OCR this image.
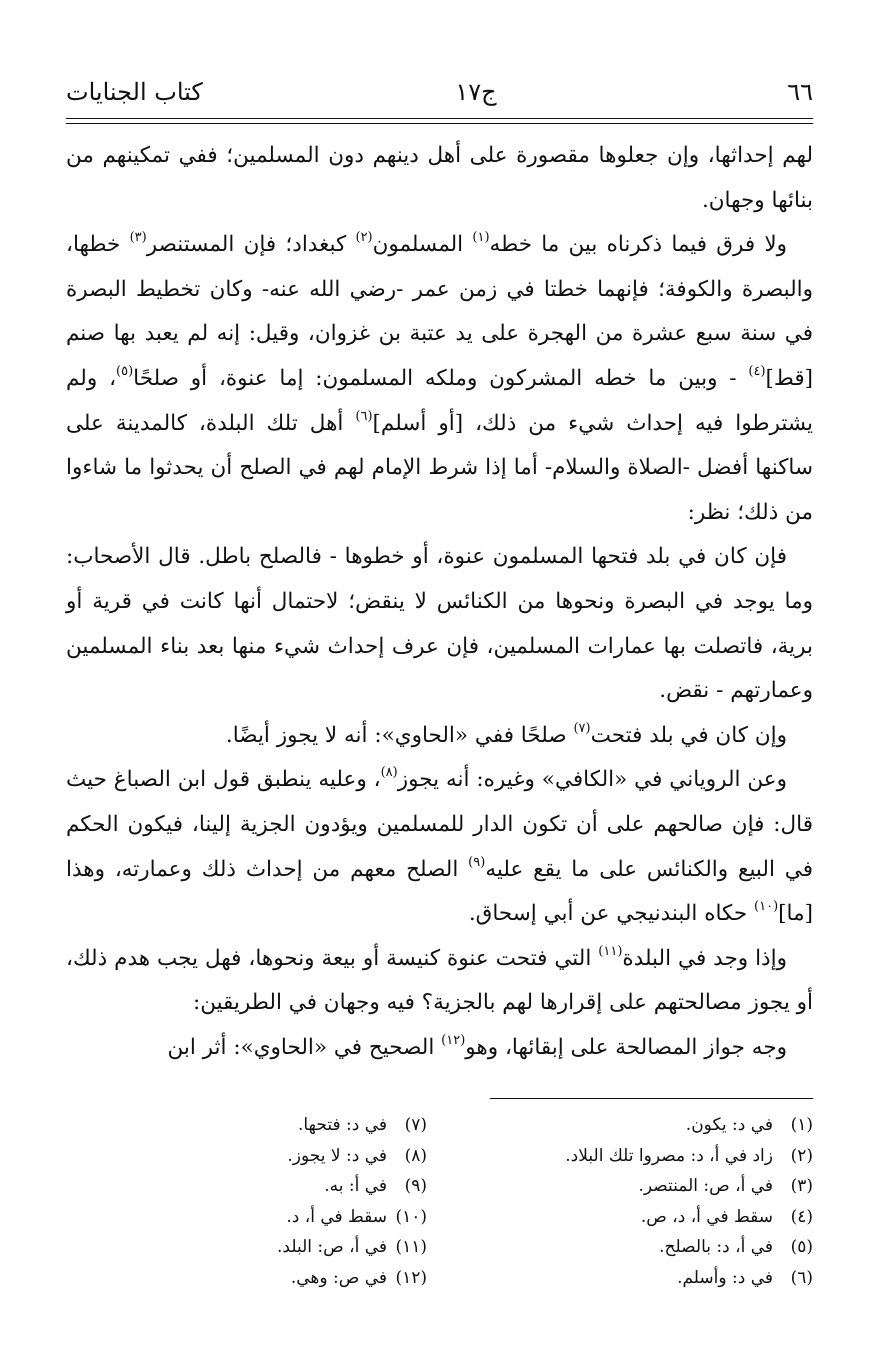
٦٦
ج١٧
كتاب الجنايات

لهم إحداثها، وإن جعلوها مقصورة على أهل دينهم دون المسلمين؛ ففي تمكينهم من بنائها وجهان.

ولا فرق فيما ذكرناه بين ما خطه$^{(١)}$ المسلمون$^{(٢)}$ كبغداد؛ فإن المستنصر$^{(٣)}$ خطها، والبصرة والكوفة؛ فإنهما خطتا في زمن عمر -رضي الله عنه- وكان تخطيط البصرة في سنة سبع عشرة من الهجرة على يد عتبة بن غزوان، وقيل: إنه لم يعبد بها صنم [قط]$^{(٤)}$ - وبين ما خطه المشركون وملكه المسلمون: إما عنوة، أو صلحًا$^{(٥)}$، ولم يشترطوا فيه إحداث شيء من ذلك، [أو أسلم]$^{(٦)}$ أهل تلك البلدة، كالمدينة على ساكنها أفضل -الصلاة والسلام- أما إذا شرط الإمام لهم في الصلح أن يحدثوا ما شاءوا من ذلك؛ نظر:

فإن كان في بلد فتحها المسلمون عنوة، أو خطوها - فالصلح باطل. قال الأصحاب: وما يوجد في البصرة ونحوها من الكنائس لا ينقض؛ لاحتمال أنها كانت في قرية أو برية، فاتصلت بها عمارات المسلمين، فإن عرف إحداث شيء منها بعد بناء المسلمين وعمارتهم - نقض.

وإن كان في بلد فتحت$^{(٧)}$ صلحًا ففي «الحاوي»: أنه لا يجوز أيضًا.

وعن الروياني في «الكافي» وغيره: أنه يجوز$^{(٨)}$، وعليه ينطبق قول ابن الصباغ حيث قال: فإن صالحهم على أن تكون الدار للمسلمين ويؤدون الجزية إلينا، فيكون الحكم في البيع والكنائس على ما يقع عليه$^{(٩)}$ الصلح معهم من إحداث ذلك وعمارته، وهذا [ما]$^{(١٠)}$ حكاه البندنيجي عن أبي إسحاق.

وإذا وجد في البلدة$^{(١١)}$ التي فتحت عنوة كنيسة أو بيعة ونحوها، فهل يجب هدم ذلك، أو يجوز مصالحتهم على إقرارها لهم بالجزية؟ فيه وجهان في الطريقين:

وجه جواز المصالحة على إبقائها، وهو$^{(١٢)}$ الصحيح في «الحاوي»: أثر ابن

(١)في د: يكون.
(٢)زاد في أ، د: مصروا تلك البلاد.
(٣)في أ، ص: المنتصر.
(٤)سقط في أ، د، ص.
(٥)في أ، د: بالصلح.
(٦)في د: وأسلم.
(٧)في د: فتحها.
(٨)في د: لا يجوز.
(٩)في أ: به.
(١٠)سقط في أ، د.
(١١)في أ، ص: البلد.
(١٢)في ص: وهي.
